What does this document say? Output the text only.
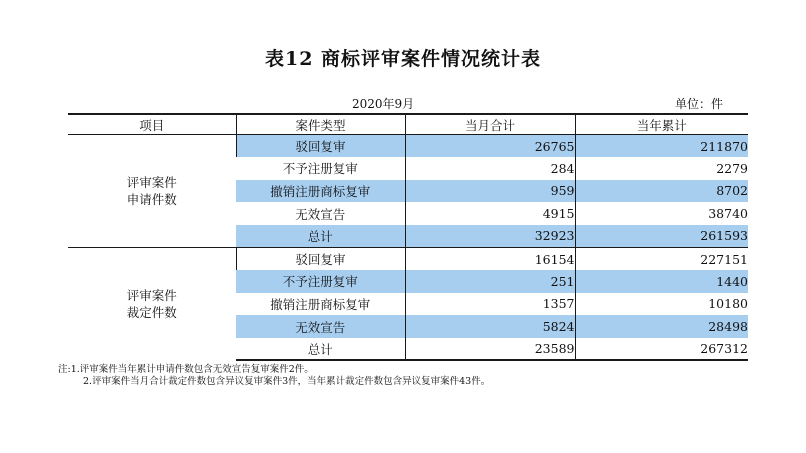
表12 商标评审案件情况统计表
2020年9月	单位：件
项目	案件类型	当月合计	当年累计
评审案件
申请件数	驳回复审	26765	211870
	不予注册复审	284	2279
	撤销注册商标复审	959	8702
	无效宣告	4915	38740
	总计	32923	261593
评审案件
裁定件数	驳回复审	16154	227151
	不予注册复审	251	1440
	撤销注册商标复审	1357	10180
	无效宣告	5824	28498
	总计	23589	267312
注:1.评审案件当年累计申请件数包含无效宣告复审案件2件。
2.评审案件当月合计裁定件数包含异议复审案件3件，当年累计裁定件数包含异议复审案件43件。
